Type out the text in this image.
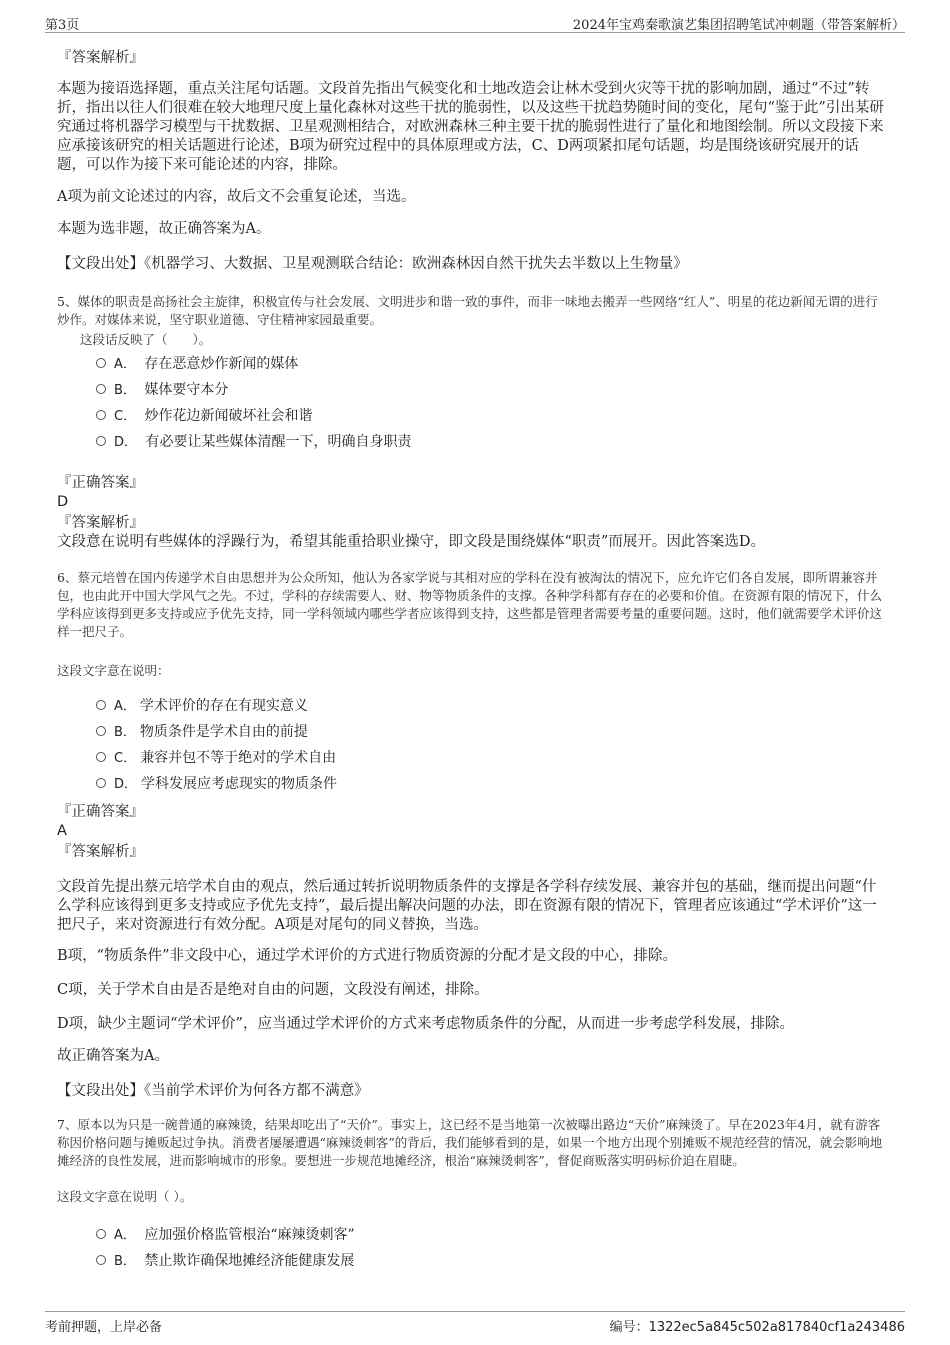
第3页	2024年宝鸡秦歌演艺集团招聘笔试冲刺题（带答案解析）
『答案解析』
本题为接语选择题，重点关注尾句话题。文段首先指出气候变化和土地改造会让林木受到火灾等干扰的影响加剧，通过“不过”转折，指出以往人们很难在较大地理尺度上量化森林对这些干扰的脆弱性，以及这些干扰趋势随时间的变化，尾句“鉴于此”引出某研究通过将机器学习模型与干扰数据、卫星观测相结合，对欧洲森林三种主要干扰的脆弱性进行了量化和地图绘制。所以文段接下来应承接该研究的相关话题进行论述，B项为研究过程中的具体原理或方法，C、D两项紧扣尾句话题，均是围绕该研究展开的话题，可以作为接下来可能论述的内容，排除。
A项为前文论述过的内容，故后文不会重复论述，当选。
本题为选非题，故正确答案为A。
【文段出处】《机器学习、大数据、卫星观测联合结论：欧洲森林因自然干扰失去半数以上生物量》
5、媒体的职责是高扬社会主旋律，积极宣传与社会发展、文明进步和谐一致的事件，而非一味地去搬弄一些网络“红人”、明星的花边新闻无谓的进行炒作。对媒体来说，坚守职业道德、守住精神家园最重要。
这段话反映了（　　）。
A． 存在恶意炒作新闻的媒体
B． 媒体要守本分
C． 炒作花边新闻破坏社会和谐
D． 有必要让某些媒体清醒一下，明确自身职责
『正确答案』
D
『答案解析』
文段意在说明有些媒体的浮躁行为，希望其能重拾职业操守，即文段是围绕媒体“职责”而展开。因此答案选D。
6、蔡元培曾在国内传递学术自由思想并为公众所知，他认为各家学说与其相对应的学科在没有被淘汰的情况下，应允许它们各自发展，即所谓兼容并包，也由此开中国大学风气之先。不过，学科的存续需要人、财、物等物质条件的支撑。各种学科都有存在的必要和价值。在资源有限的情况下，什么学科应该得到更多支持或应予优先支持，同一学科领域内哪些学者应该得到支持，这些都是管理者需要考量的重要问题。这时，他们就需要学术评价这样一把尺子。
这段文字意在说明：
A． 学术评价的存在有现实意义
B． 物质条件是学术自由的前提
C． 兼容并包不等于绝对的学术自由
D． 学科发展应考虑现实的物质条件
『正确答案』
A
『答案解析』
文段首先提出蔡元培学术自由的观点，然后通过转折说明物质条件的支撑是各学科存续发展、兼容并包的基础，继而提出问题“什么学科应该得到更多支持或应予优先支持”，最后提出解决问题的办法，即在资源有限的情况下，管理者应该通过“学术评价”这一把尺子，来对资源进行有效分配。A项是对尾句的同义替换，当选。
B项，“物质条件”非文段中心，通过学术评价的方式进行物质资源的分配才是文段的中心，排除。
C项，关于学术自由是否是绝对自由的问题，文段没有阐述，排除。
D项，缺少主题词“学术评价”，应当通过学术评价的方式来考虑物质条件的分配，从而进一步考虑学科发展，排除。
故正确答案为A。
【文段出处】《当前学术评价为何各方都不满意》
7、原本以为只是一碗普通的麻辣烫，结果却吃出了“天价”。事实上，这已经不是当地第一次被曝出路边“天价”麻辣烫了。早在2023年4月，就有游客称因价格问题与摊贩起过争执。消费者屡屡遭遇“麻辣烫刺客”的背后，我们能够看到的是，如果一个地方出现个别摊贩不规范经营的情况，就会影响地摊经济的良性发展，进而影响城市的形象。要想进一步规范地摊经济，根治“麻辣烫刺客”，督促商贩落实明码标价迫在眉睫。
这段文字意在说明（ ）。
A． 应加强价格监管根治“麻辣烫刺客”
B． 禁止欺诈确保地摊经济能健康发展
考前押题，上岸必备	编号：1322ec5a845c502a817840cf1a243486
